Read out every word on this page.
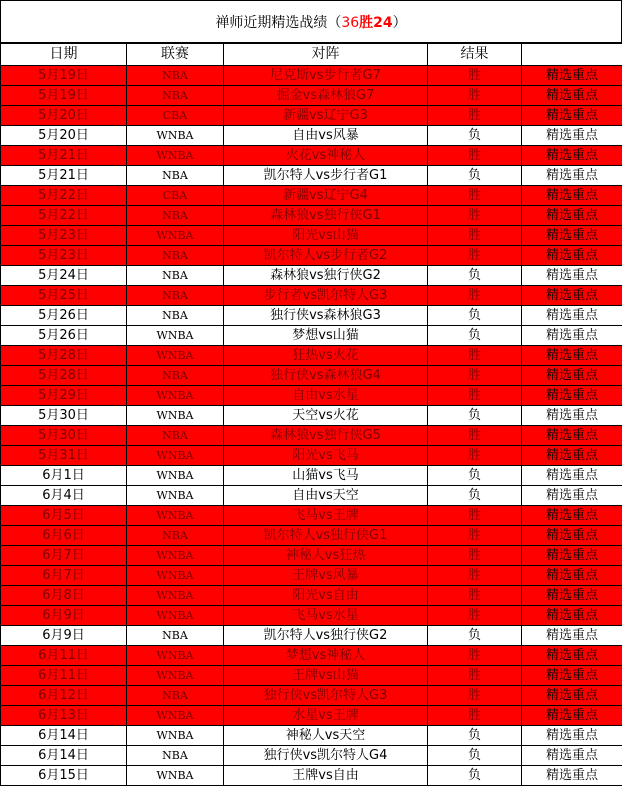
禅师近期精选战绩（ 36胜24 ）
日期	联赛	对阵	结果	
5月19日	NBA	尼克斯vs步行者G7	胜	精选重点
5月19日	NBA	掘金vs森林狼G7	胜	精选重点
5月20日	CBA	新疆vs辽宁G3	胜	精选重点
5月20日	WNBA	自由vs风暴	负	精选重点
5月21日	WNBA	火花vs神秘人	胜	精选重点
5月21日	NBA	凯尔特人vs步行者G1	负	精选重点
5月22日	CBA	新疆vs辽宁G4	胜	精选重点
5月22日	NBA	森林狼vs独行侠G1	胜	精选重点
5月23日	WNBA	阳光vs山猫	胜	精选重点
5月23日	NBA	凯尔特人vs步行者G2	胜	精选重点
5月24日	NBA	森林狼vs独行侠G2	负	精选重点
5月25日	NBA	步行者vs凯尔特人G3	胜	精选重点
5月26日	NBA	独行侠vs森林狼G3	负	精选重点
5月26日	WNBA	梦想vs山猫	负	精选重点
5月28日	WNBA	狂热vs火花	胜	精选重点
5月28日	NBA	独行侠vs森林狼G4	胜	精选重点
5月29日	WNBA	自由vs水星	胜	精选重点
5月30日	WNBA	天空vs火花	负	精选重点
5月30日	NBA	森林狼vs独行侠G5	胜	精选重点
5月31日	WNBA	阳光vs飞马	胜	精选重点
6月1日	WNBA	山猫vs飞马	负	精选重点
6月4日	WNBA	自由vs天空	负	精选重点
6月5日	WNBA	飞马vs王牌	胜	精选重点
6月6日	NBA	凯尔特人vs独行侠G1	胜	精选重点
6月7日	WNBA	神秘人vs狂热	胜	精选重点
6月7日	WNBA	王牌vs风暴	胜	精选重点
6月8日	WNBA	阳光vs自由	胜	精选重点
6月9日	WNBA	飞马vs水星	胜	精选重点
6月9日	NBA	凯尔特人vs独行侠G2	负	精选重点
6月11日	WNBA	梦想vs神秘人	胜	精选重点
6月11日	WNBA	王牌vs山猫	胜	精选重点
6月12日	NBA	独行侠vs凯尔特人G3	胜	精选重点
6月13日	WNBA	水星vs王牌	胜	精选重点
6月14日	WNBA	神秘人vs天空	负	精选重点
6月14日	NBA	独行侠vs凯尔特人G4	负	精选重点
6月15日	WNBA	王牌vs自由	负	精选重点
